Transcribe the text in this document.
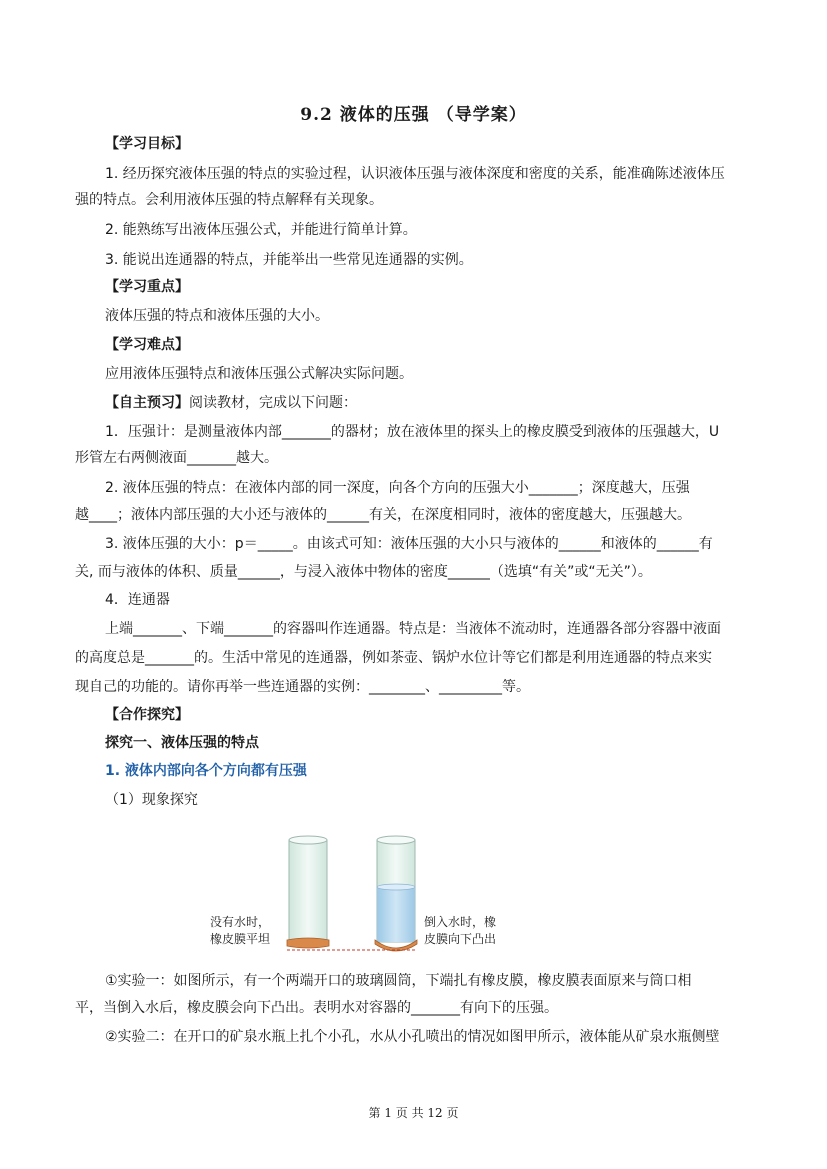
9.2 液体的压强 （导学案）
【学习目标】
1. 经历探究液体压强的特点的实验过程，认识液体压强与液体深度和密度的关系，能准确陈述液体压
强的特点。会利用液体压强的特点解释有关现象。
2. 能熟练写出液体压强公式，并能进行简单计算。
3. 能说出连通器的特点，并能举出一些常见连通器的实例。
【学习重点】
液体压强的特点和液体压强的大小。
【学习难点】
应用液体压强特点和液体压强公式解决实际问题。
【自主预习】阅读教材，完成以下问题：
1．压强计：是测量液体内部_______的器材；放在液体里的探头上的橡皮膜受到液体的压强越大，U
形管左右两侧液面_______越大。
2. 液体压强的特点：在液体内部的同一深度，向各个方向的压强大小_______；深度越大，压强
越____；液体内部压强的大小还与液体的______有关，在深度相同时，液体的密度越大，压强越大。
3. 液体压强的大小：p＝_____。由该式可知：液体压强的大小只与液体的______和液体的______有
关, 而与液体的体积、质量______，与浸入液体中物体的密度______（选填“有关”或“无关”）。
4．连通器
上端_______、下端_______的容器叫作连通器。特点是：当液体不流动时，连通器各部分容器中液面
的高度总是_______的。生活中常见的连通器，例如茶壶、锅炉水位计等它们都是利用连通器的特点来实
现自己的功能的。请你再举一些连通器的实例：________、_________等。
【合作探究】
探究一、液体压强的特点
1. 液体内部向各个方向都有压强
（1）现象探究
没有水时，
橡皮膜平坦
倒入水时，橡
皮膜向下凸出
①实验一：如图所示，有一个两端开口的玻璃圆筒，下端扎有橡皮膜，橡皮膜表面原来与筒口相
平，当倒入水后，橡皮膜会向下凸出。表明水对容器的_______有向下的压强。
②实验二：在开口的矿泉水瓶上扎个小孔，水从小孔喷出的情况如图甲所示，液体能从矿泉水瓶侧壁
第 1 页 共 12 页
